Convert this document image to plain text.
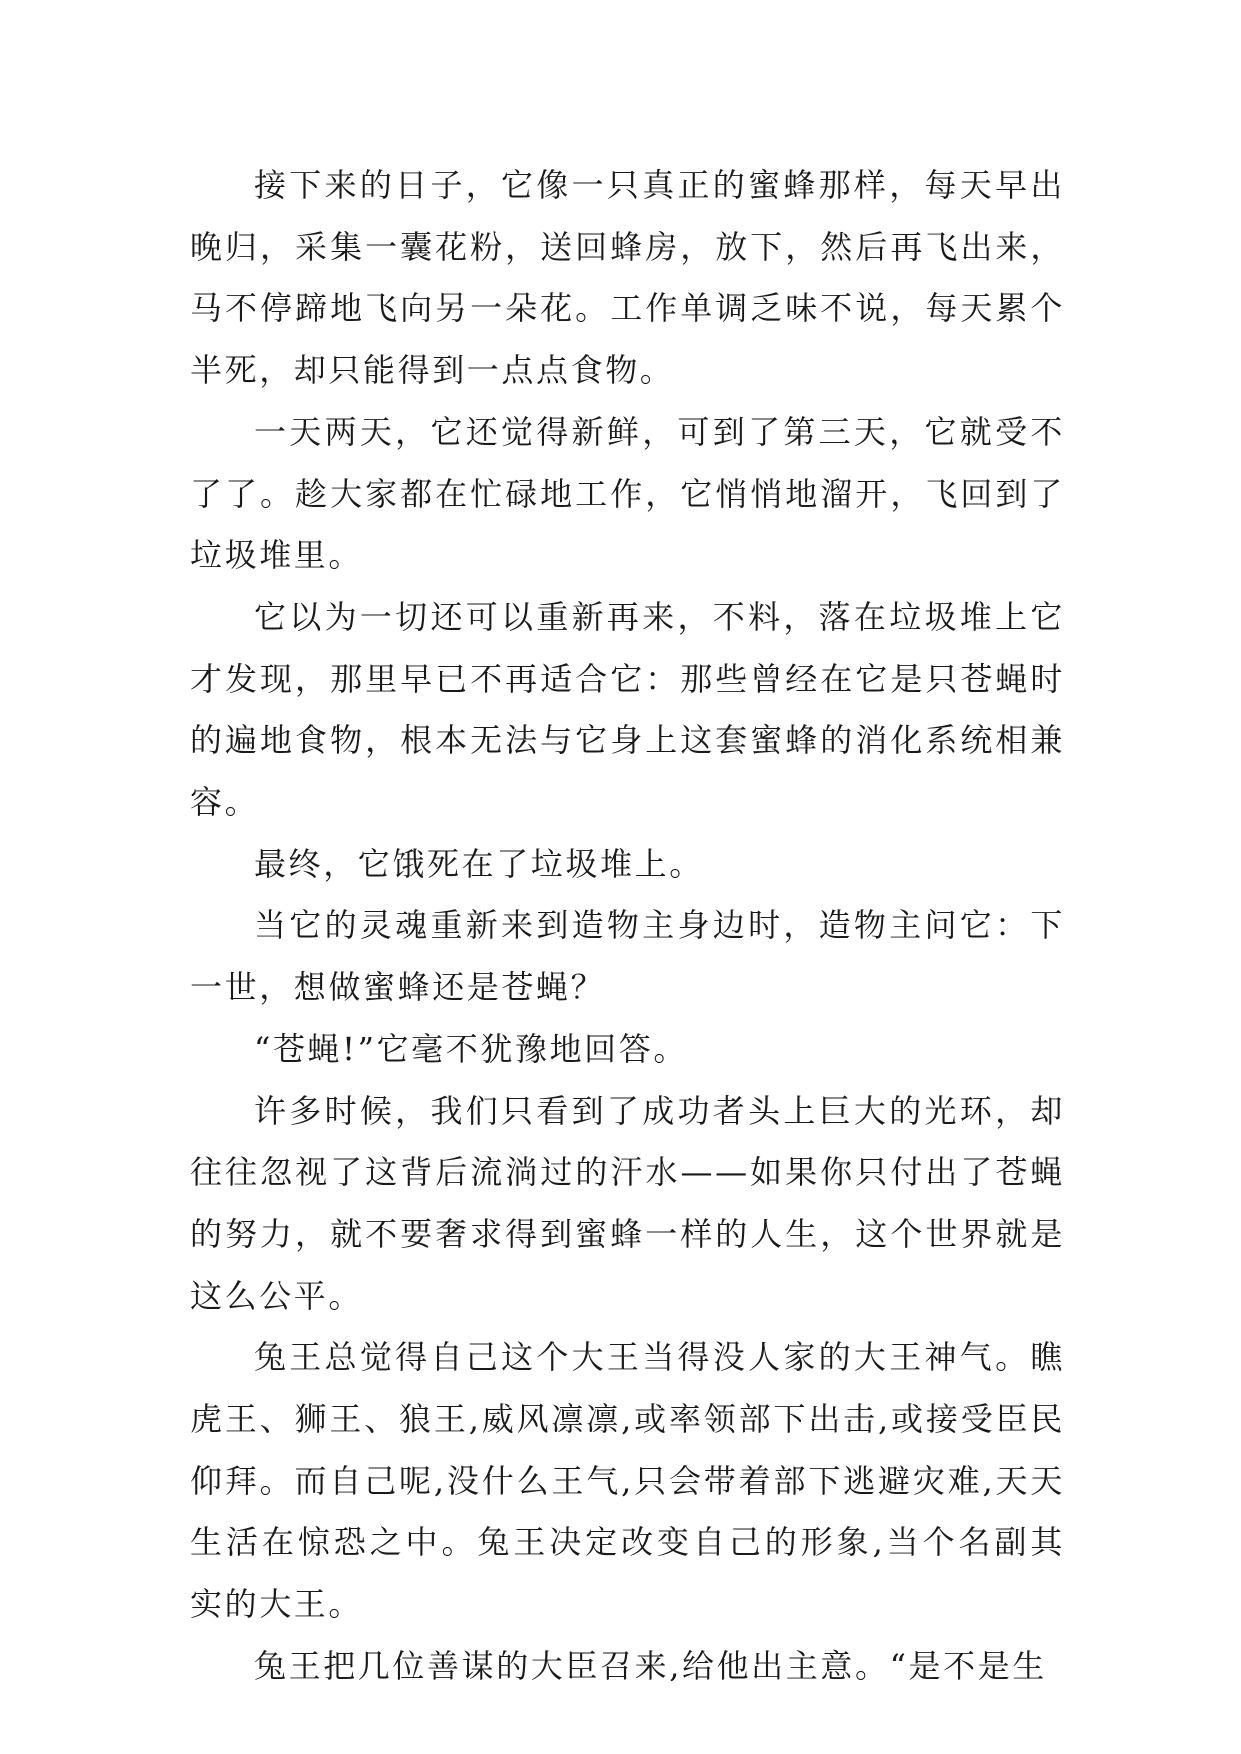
接下来的日子，它像一只真正的蜜蜂那样，每天早出晚归，采集一囊花粉，送回蜂房，放下，然后再飞出来，马不停蹄地飞向另一朵花。工作单调乏味不说，每天累个半死，却只能得到一点点食物。

一天两天，它还觉得新鲜，可到了第三天，它就受不了了。趁大家都在忙碌地工作，它悄悄地溜开，飞回到了垃圾堆里。

它以为一切还可以重新再来，不料，落在垃圾堆上它才发现，那里早已不再适合它：那些曾经在它是只苍蝇时的遍地食物，根本无法与它身上这套蜜蜂的消化系统相兼容。

最终，它饿死在了垃圾堆上。

当它的灵魂重新来到造物主身边时，造物主问它：下一世，想做蜜蜂还是苍蝇？

“苍蝇!”它毫不犹豫地回答。

许多时候，我们只看到了成功者头上巨大的光环，却往往忽视了这背后流淌过的汗水——如果你只付出了苍蝇的努力，就不要奢求得到蜜蜂一样的人生，这个世界就是这么公平。

兔王总觉得自己这个大王当得没人家的大王神气。瞧虎王、狮王、狼王,威风凛凛,或率领部下出击,或接受臣民仰拜。而自己呢,没什么王气,只会带着部下逃避灾难,天天生活在惊恐之中。兔王决定改变自己的形象,当个名副其实的大王。

兔王把几位善谋的大臣召来,给他出主意。“是不是生
